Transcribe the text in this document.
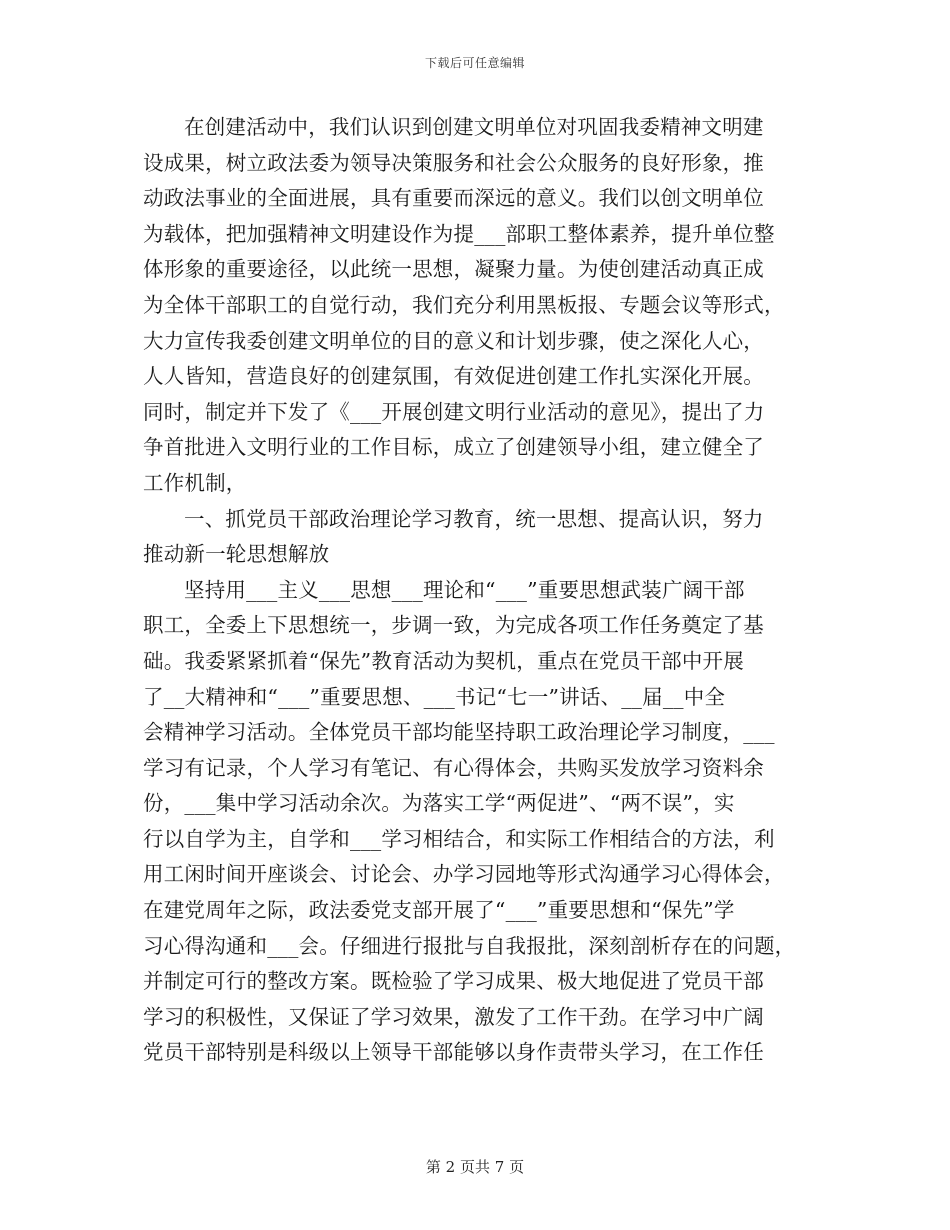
下载后可任意编辑
在创建活动中，我们认识到创建文明单位对巩固我委精神文明建
设成果，树立政法委为领导决策服务和社会公众服务的良好形象，推
动政法事业的全面进展，具有重要而深远的意义。我们以创文明单位
为载体，把加强精神文明建设作为提___部职工整体素养，提升单位整
体形象的重要途径，以此统一思想，凝聚力量。为使创建活动真正成
为全体干部职工的自觉行动，我们充分利用黑板报、专题会议等形式，
大力宣传我委创建文明单位的目的意义和计划步骤，使之深化人心，
人人皆知，营造良好的创建氛围，有效促进创建工作扎实深化开展。
同时，制定并下发了《___开展创建文明行业活动的意见》，提出了力
争首批进入文明行业的工作目标，成立了创建领导小组，建立健全了
工作机制，
一、抓党员干部政治理论学习教育，统一思想、提高认识，努力
推动新一轮思想解放
坚持用___主义___思想___理论和“___”重要思想武装广阔干部
职工，全委上下思想统一，步调一致，为完成各项工作任务奠定了基
础。我委紧紧抓着“保先”教育活动为契机，重点在党员干部中开展
了__大精神和“___”重要思想、___书记“七一”讲话、__届__中全
会精神学习活动。全体党员干部均能坚持职工政治理论学习制度，___
学习有记录，个人学习有笔记、有心得体会，共购买发放学习资料余
份，___集中学习活动余次。为落实工学“两促进”、“两不误”，实
行以自学为主，自学和___学习相结合，和实际工作相结合的方法，利
用工闲时间开座谈会、讨论会、办学习园地等形式沟通学习心得体会，
在建党周年之际，政法委党支部开展了“___”重要思想和“保先”学
习心得沟通和___会。仔细进行报批与自我报批，深刻剖析存在的问题，
并制定可行的整改方案。既检验了学习成果、极大地促进了党员干部
学习的积极性，又保证了学习效果，激发了工作干劲。在学习中广阔
党员干部特别是科级以上领导干部能够以身作责带头学习，在工作任
第 2 页共 7 页
